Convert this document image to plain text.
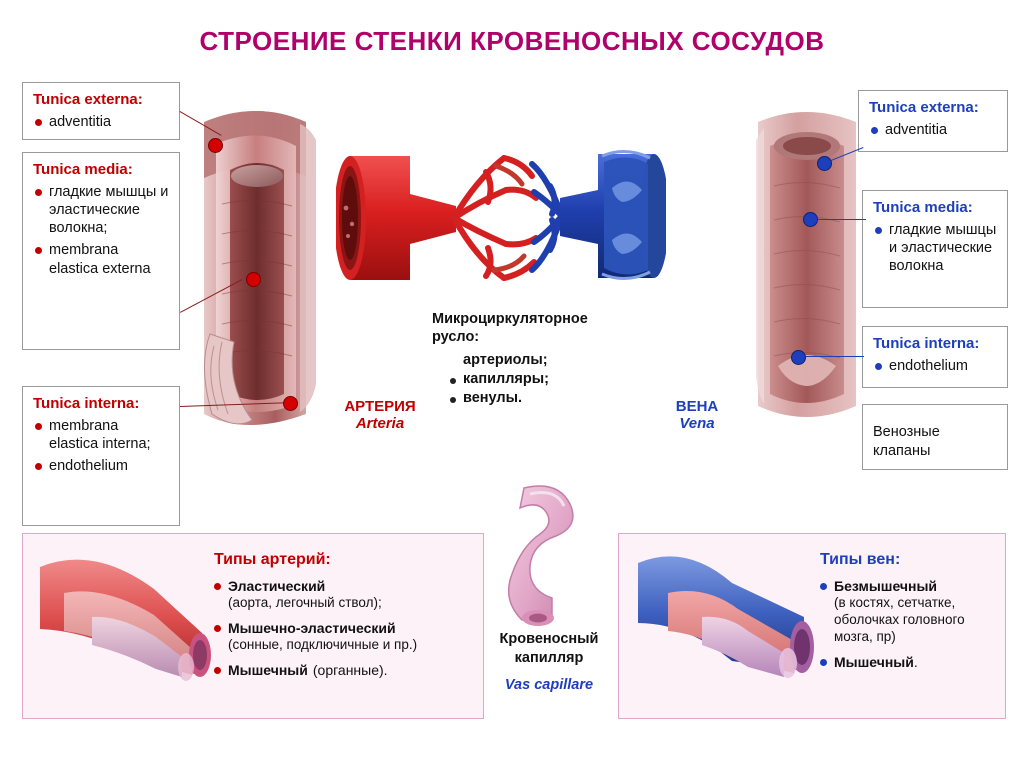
СТРОЕНИЕ СТЕНКИ КРОВЕНОСНЫХ СОСУДОВ
Tunica externa:
adventitia
Tunica media:
гладкие мышцы и эластические волокна;
membrana elastica externa
Tunica interna:
membrana elastica interna;
endothelium
Tunica externa:
adventitia
Tunica media:
гладкие мышцы и эластические волокна
Tunica interna:
endothelium
Венозные клапаны
Микроциркуляторное русло:
артериолы;
капилляры;
венулы.
АРТЕРИЯ
Arteria
ВЕНА
Vena
Типы артерий:
Эластический
(аорта, легочный ствол);
Мышечно-эластический
(сонные, подключичные и пр.)
Мышечный (органные).
Кровеносный капилляр
Vas capillare
Типы вен:
Безмышечный
(в костях, сетчатке, оболочках головного мозга, пр)
Мышечный .
